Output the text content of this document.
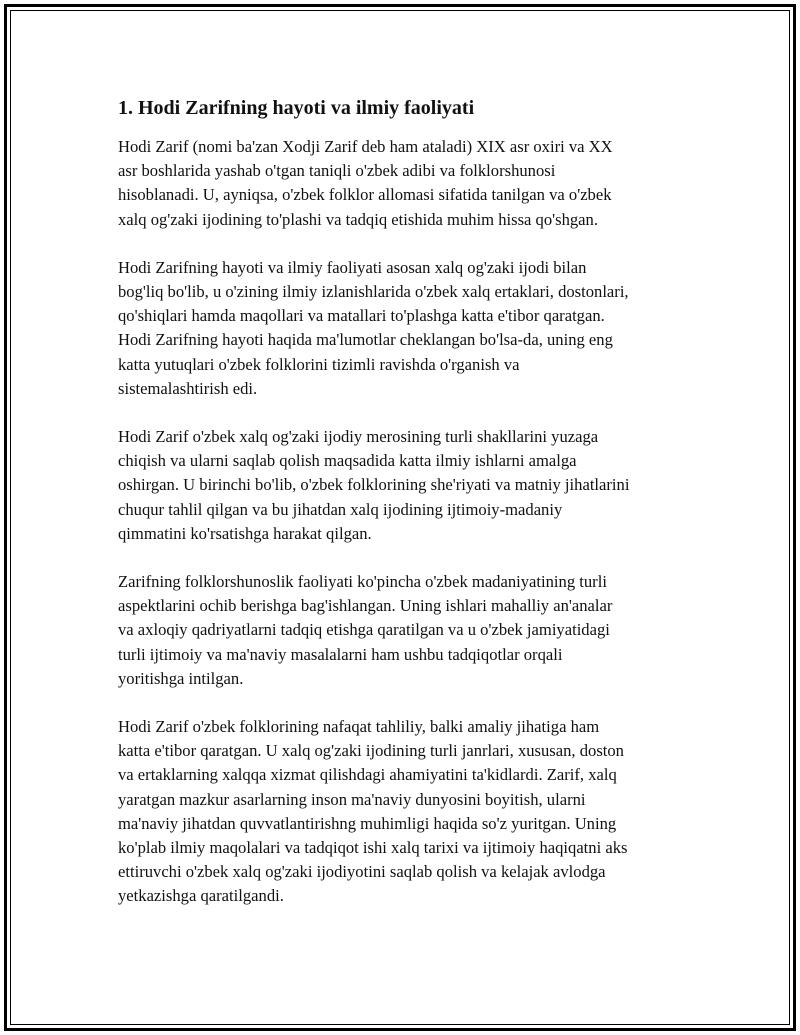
1. Hodi Zarifning hayoti va ilmiy faoliyati

Hodi Zarif (nomi ba'zan Xodji Zarif deb ham ataladi) XIX asr oxiri va XX
asr boshlarida yashab o'tgan taniqli o'zbek adibi va folklorshunosi
hisoblanadi. U, ayniqsa, o'zbek folklor allomasi sifatida tanilgan va o'zbek
xalq og'zaki ijodining to'plashi va tadqiq etishida muhim hissa qo'shgan.

Hodi Zarifning hayoti va ilmiy faoliyati asosan xalq og'zaki ijodi bilan
bog'liq bo'lib, u o'zining ilmiy izlanishlarida o'zbek xalq ertaklari, dostonlari,
qo'shiqlari hamda maqollari va matallari to'plashga katta e'tibor qaratgan.
Hodi Zarifning hayoti haqida ma'lumotlar cheklangan bo'lsa-da, uning eng
katta yutuqlari o'zbek folklorini tizimli ravishda o'rganish va
sistemalashtirish edi.

Hodi Zarif o'zbek xalq og'zaki ijodiy merosining turli shakllarini yuzaga
chiqish va ularni saqlab qolish maqsadida katta ilmiy ishlarni amalga
oshirgan. U birinchi bo'lib, o'zbek folklorining she'riyati va matniy jihatlarini
chuqur tahlil qilgan va bu jihatdan xalq ijodining ijtimoiy-madaniy
qimmatini ko'rsatishga harakat qilgan.

Zarifning folklorshunoslik faoliyati ko'pincha o'zbek madaniyatining turli
aspektlarini ochib berishga bag'ishlangan. Uning ishlari mahalliy an'analar
va axloqiy qadriyatlarni tadqiq etishga qaratilgan va u o'zbek jamiyatidagi
turli ijtimoiy va ma'naviy masalalarni ham ushbu tadqiqotlar orqali
yoritishga intilgan.

Hodi Zarif o'zbek folklorining nafaqat tahliliy, balki amaliy jihatiga ham
katta e'tibor qaratgan. U xalq og'zaki ijodining turli janrlari, xususan, doston
va ertaklarning xalqqa xizmat qilishdagi ahamiyatini ta'kidlardi. Zarif, xalq
yaratgan mazkur asarlarning inson ma'naviy dunyosini boyitish, ularni
ma'naviy jihatdan quvvatlantirishng muhimligi haqida so'z yuritgan. Uning
ko'plab ilmiy maqolalari va tadqiqot ishi xalq tarixi va ijtimoiy haqiqatni aks
ettiruvchi o'zbek xalq og'zaki ijodiyotini saqlab qolish va kelajak avlodga
yetkazishga qaratilgandi.
